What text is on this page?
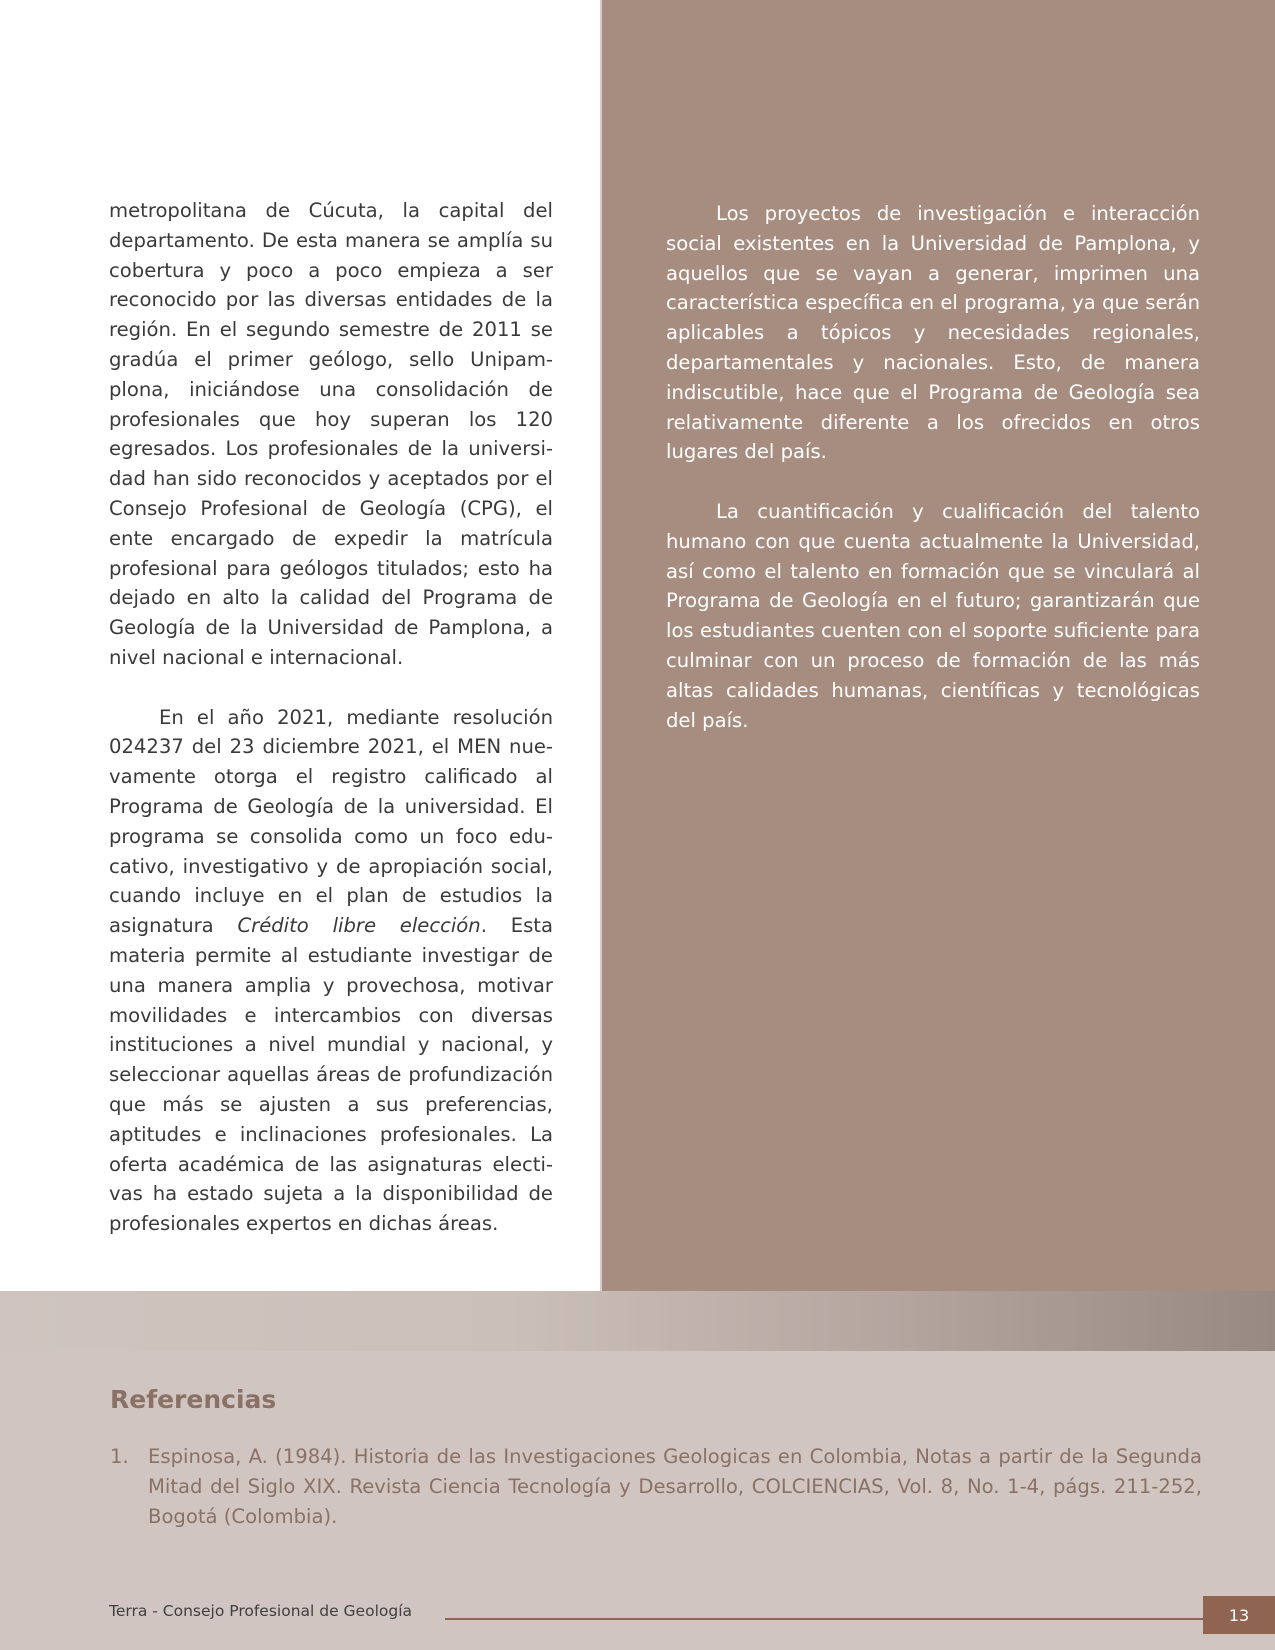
metropolitana de Cúcuta, la capital del departamento. De esta manera se amplía su cobertura y poco a poco empieza a ser reconocido por las diversas entidades de la región. En el segundo semestre de 2011 se gradúa el primer geólogo, sello Unipamplona, iniciándose una consolidación de profesionales que hoy superan los 120 egresados. Los profesionales de la universidad han sido reconocidos y aceptados por el Consejo Profesional de Geología (CPG), el ente encargado de expedir la matrícula profesional para geólogos titulados; esto ha dejado en alto la calidad del Programa de Geología de la Universidad de Pamplona, a nivel nacional e internacional.

En el año 2021, mediante resolución 024237 del 23 diciembre 2021, el MEN nuevamente otorga el registro calificado al Programa de Geología de la universidad. El programa se consolida como un foco educativo, investigativo y de apropiación social, cuando incluye en el plan de estudios la asignatura Crédito libre elección. Esta materia permite al estudiante investigar de una manera amplia y provechosa, motivar movilidades e intercambios con diversas instituciones a nivel mundial y nacional, y seleccionar aquellas áreas de profundización que más se ajusten a sus preferencias, aptitudes e inclinaciones profesionales. La oferta académica de las asignaturas electivas ha estado sujeta a la disponibilidad de profesionales expertos en dichas áreas.

Los proyectos de investigación e interacción social existentes en la Universidad de Pamplona, y aquellos que se vayan a generar, imprimen una característica específica en el programa, ya que serán aplicables a tópicos y necesidades regionales, departamentales y nacionales. Esto, de manera indiscutible, hace que el Programa de Geología sea relativamente diferente a los ofrecidos en otros lugares del país.

La cuantificación y cualificación del talento humano con que cuenta actualmente la Universidad, así como el talento en formación que se vinculará al Programa de Geología en el futuro; garantizarán que los estudiantes cuenten con el soporte suficiente para culminar con un proceso de formación de las más altas calidades humanas, científicas y tecnológicas del país.

Referencias
1. Espinosa, A. (1984). Historia de las Investigaciones Geologicas en Colombia, Notas a partir de la Segunda Mitad del Siglo XIX. Revista Ciencia Tecnología y Desarrollo, COLCIENCIAS, Vol. 8, No. 1-4, págs. 211-252, Bogotá (Colombia).
Terra - Consejo Profesional de Geología	13
